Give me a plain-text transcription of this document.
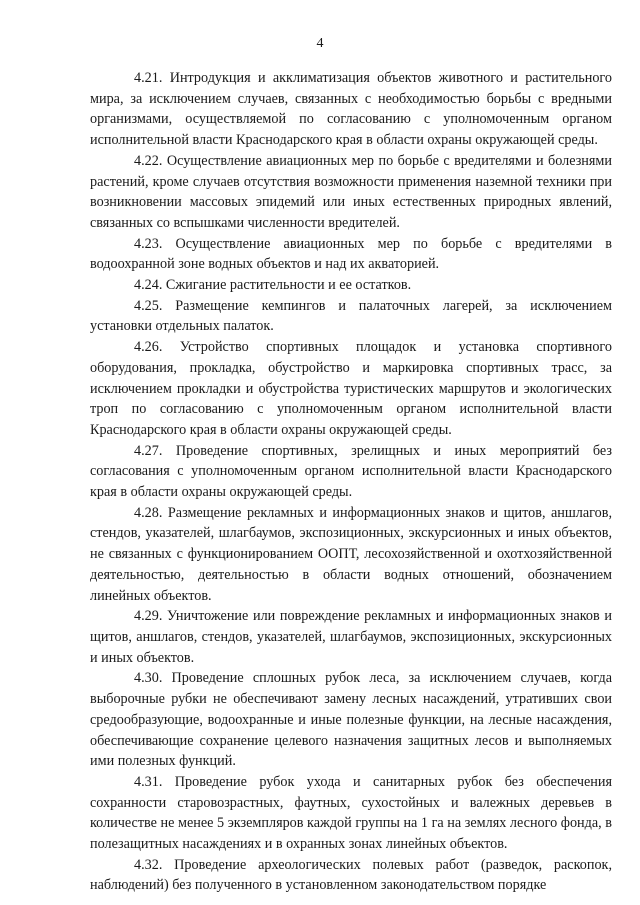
4

4.21. Интродукция и акклиматизация объектов животного и растительного мира, за исключением случаев, связанных с необходимостью борьбы с вредными организмами, осуществляемой по согласованию с уполномоченным органом исполнительной власти Краснодарского края в области охраны окружающей среды.

4.22. Осуществление авиационных мер по борьбе с вредителями и болезнями растений, кроме случаев отсутствия возможности применения наземной техники при возникновении массовых эпидемий или иных естественных природных явлений, связанных со вспышками численности вредителей.

4.23. Осуществление авиационных мер по борьбе с вредителями в водоохранной зоне водных объектов и над их акваторией.

4.24. Сжигание растительности и ее остатков.

4.25. Размещение кемпингов и палаточных лагерей, за исключением установки отдельных палаток.

4.26. Устройство спортивных площадок и установка спортивного оборудования, прокладка, обустройство и маркировка спортивных трасс, за исключением прокладки и обустройства туристических маршрутов и экологических троп по согласованию с уполномоченным органом исполнительной власти Краснодарского края в области охраны окружающей среды.

4.27. Проведение спортивных, зрелищных и иных мероприятий без согласования с уполномоченным органом исполнительной власти Краснодарского края в области охраны окружающей среды.

4.28. Размещение рекламных и информационных знаков и щитов, аншлагов, стендов, указателей, шлагбаумов, экспозиционных, экскурсионных и иных объектов, не связанных с функционированием ООПТ, лесохозяйственной и охотхозяйственной деятельностью, деятельностью в области водных отношений, обозначением линейных объектов.

4.29. Уничтожение или повреждение рекламных и информационных знаков и щитов, аншлагов, стендов, указателей, шлагбаумов, экспозиционных, экскурсионных и иных объектов.

4.30. Проведение сплошных рубок леса, за исключением случаев, когда выборочные рубки не обеспечивают замену лесных насаждений, утративших свои средообразующие, водоохранные и иные полезные функции, на лесные насаждения, обеспечивающие сохранение целевого назначения защитных лесов и выполняемых ими полезных функций.

4.31. Проведение рубок ухода и санитарных рубок без обеспечения сохранности старовозрастных, фаутных, сухостойных и валежных деревьев в количестве не менее 5 экземпляров каждой группы на 1 га на землях лесного фонда, в полезащитных насаждениях и в охранных зонах линейных объектов.

4.32. Проведение археологических полевых работ (разведок, раскопок, наблюдений) без полученного в установленном законодательством порядке
